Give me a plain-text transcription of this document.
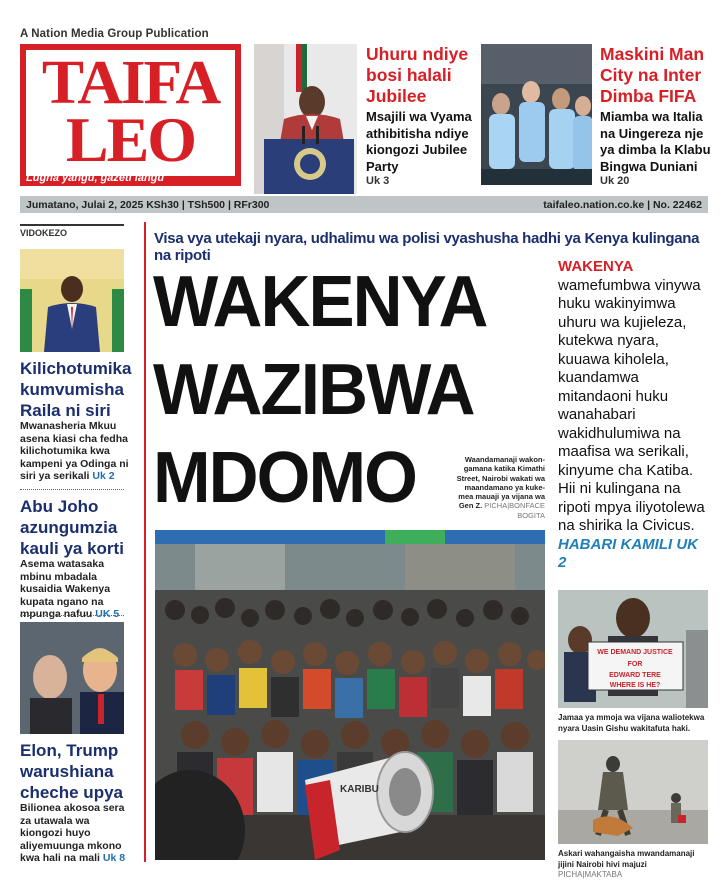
A Nation Media Group Publication
TAIFA
LEO
Lugha yangu, gazeti langu
Uhuru ndiye bosi halali Jubilee
Msajili wa Vyama athibitisha ndiye kiongozi Jubilee Party
Uk 3
Maskini Man City na Inter Dimba FIFA
Miamba wa Italia na Uingereza nje ya dimba la Klabu Bingwa Duniani
Uk 20
Jumatano, Julai 2, 2025 KSh30 | TSh500 | RFr300	taifaleo.nation.co.ke | No. 22462
VIDOKEZO
Kilichotumika kumvumisha Raila ni siri
Mwanasheria Mkuu asena kiasi cha fedha kilichotumika kwa kampeni ya Odinga ni siri ya serikali Uk 2
Abu Joho azungumzia kauli ya korti
Asema watasaka mbinu mbadala kusaidia Wakenya kupata ngano na mpunga nafuu UK 5
Elon, Trump warushiana cheche upya
Bilionea akosoa sera za utawala wa kiongozi huyo aliyemuunga mkono kwa hali na mali Uk 8
Visa vya utekaji nyara, udhalimu wa polisi vyashusha hadhi ya Kenya kulingana na ripoti
WAKENYA
WAZIBWA
MDOMO	Waandamanaji wakon-gamana katika Kimathi Street, Nairobi wakati wa maandamano ya kuke-mea mauaji ya vijana wa Gen Z. PICHA|BONFACE BOGITA
WAKENYA
wamefumbwa vinywa huku wakinyimwa uhuru wa kujieleza, kutekwa nyara, kuuawa kiholela, kuandamwa mitandaoni huku wanahabari wakidhulumiwa na maafisa wa serikali, kinyume cha Katiba. Hii ni kulingana na ripoti mpya iliyotolewa na shirika la Civicus. HABARI KAMILI UK 2
KARIBU
WE DEMAND JUSTICE
FOR
EDWARD TERE
WHERE IS HE?
Jamaa ya mmoja wa vijana waliotekwa nyara Uasin Gishu wakitafuta haki.
Askari wahangaisha mwandamanaji jijini Nairobi hivi majuzi PICHA|MAKTABA
